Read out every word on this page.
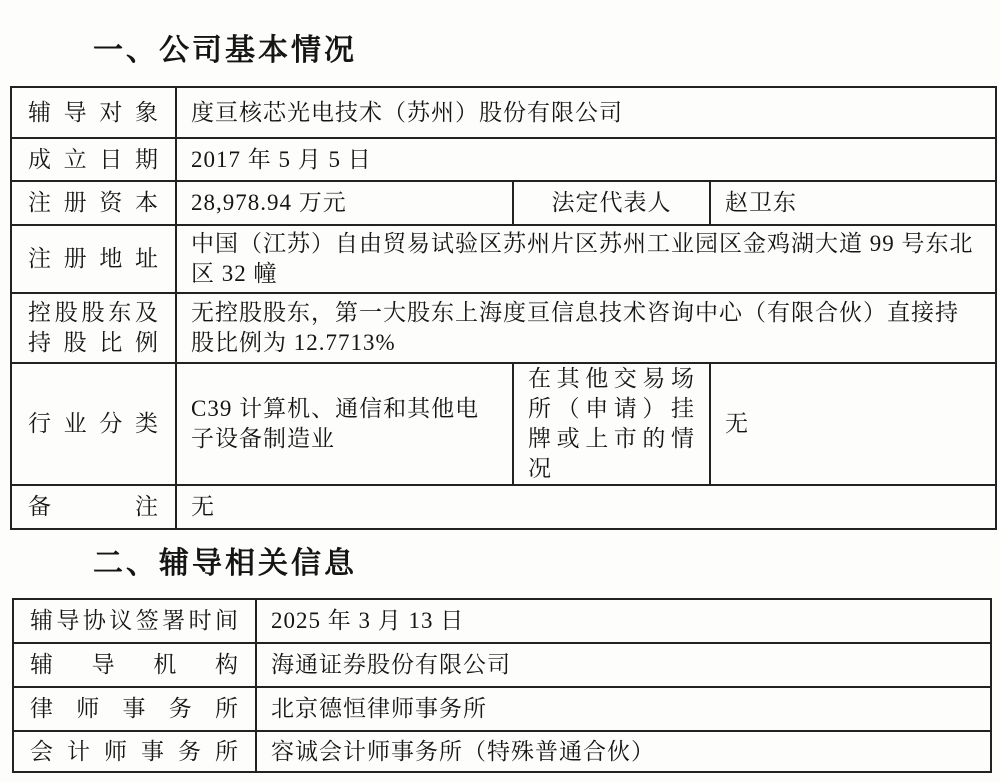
一、公司基本情况
辅导对象	度亘核芯光电技术（苏州）股份有限公司		
成立日期	2017 年 5 月 5 日		
注册资本	28,978.94 万元	法定代表人	赵卫东
注册地址	中国（江苏）自由贸易试验区苏州片区苏州工业园区金鸡湖大道 99 号东北区 32 幢		
控股股东及持股比例	无控股股东，第一大股东上海度亘信息技术咨询中心（有限合伙）直接持股比例为 12.7713%		
行业分类	C39 计算机、通信和其他电子设备制造业	在其他交易场所（申请）挂牌或上市的情况	无
备注	无		
二、辅导相关信息
辅导协议签署时间	2025 年 3 月 13 日
辅导机构	海通证券股份有限公司
律师事务所	北京德恒律师事务所
会计师事务所	容诚会计师事务所（特殊普通合伙）
